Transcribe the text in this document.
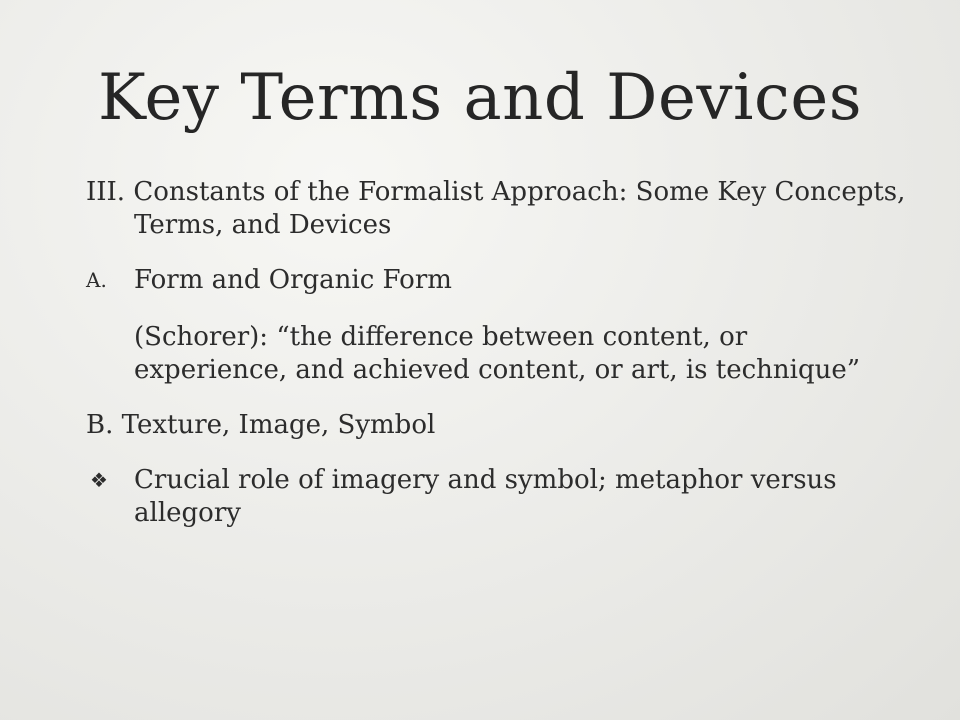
Key Terms and Devices

III. Constants of the Formalist Approach: Some Key Concepts, Terms, and Devices

A.	Form and Organic Form
(Schorer): “the difference between content, or experience, and achieved content, or art, is technique”
B. Texture, Image, Symbol
❖	Crucial role of imagery and symbol; metaphor versus allegory
